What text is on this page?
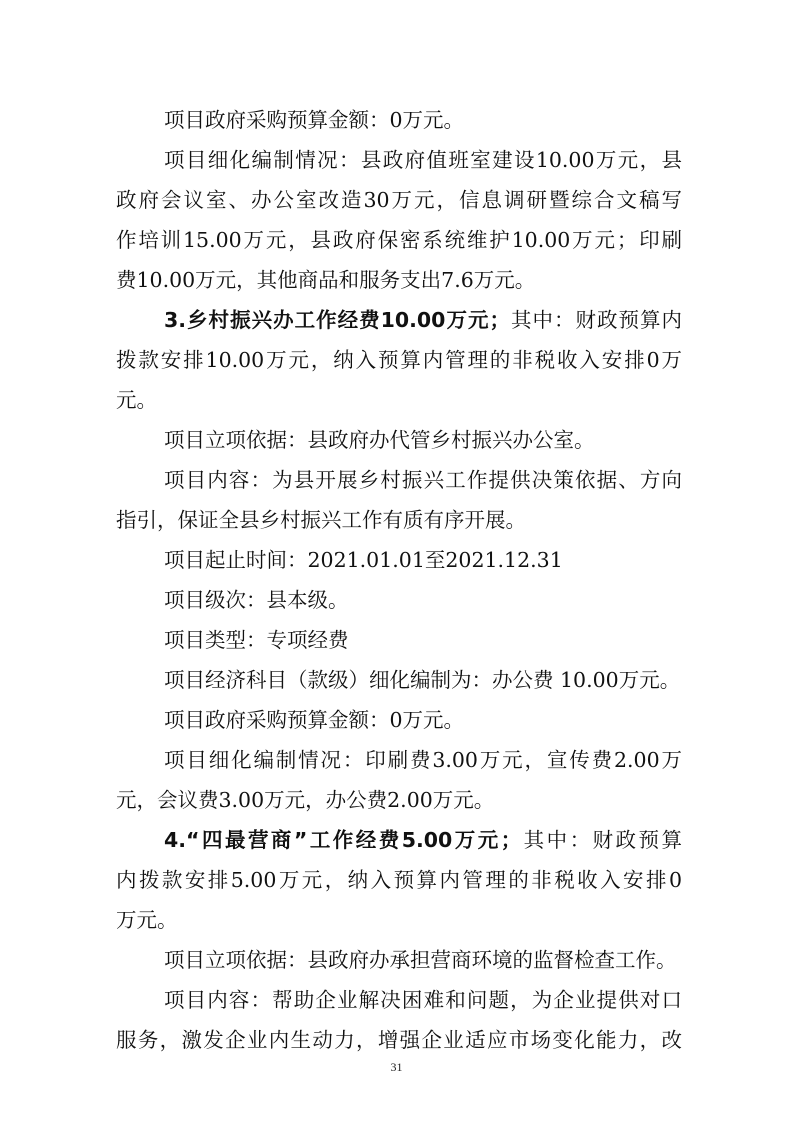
项目政府采购预算金额：0万元。
项目细化编制情况：县政府值班室建设10.00万元，县
政府会议室、办公室改造30万元，信息调研暨综合文稿写
作培训15.00万元，县政府保密系统维护10.00万元；印刷
费10.00万元，其他商品和服务支出7.6万元。
3.乡村振兴办工作经费10.00万元；其中：财政预算内
拨款安排10.00万元，纳入预算内管理的非税收入安排0万
元。
项目立项依据：县政府办代管乡村振兴办公室。
项目内容：为县开展乡村振兴工作提供决策依据、方向
指引，保证全县乡村振兴工作有质有序开展。
项目起止时间：2021.01.01至2021.12.31
项目级次：县本级。
项目类型：专项经费
项目经济科目（款级）细化编制为：办公费 10.00万元。
项目政府采购预算金额：0万元。
项目细化编制情况：印刷费3.00万元，宣传费2.00万
元，会议费3.00万元，办公费2.00万元。
4.“四最营商”工作经费5.00万元；其中：财政预算
内拨款安排5.00万元，纳入预算内管理的非税收入安排0
万元。
项目立项依据：县政府办承担营商环境的监督检查工作。
项目内容：帮助企业解决困难和问题，为企业提供对口
服务，激发企业内生动力，增强企业适应市场变化能力，改
31
